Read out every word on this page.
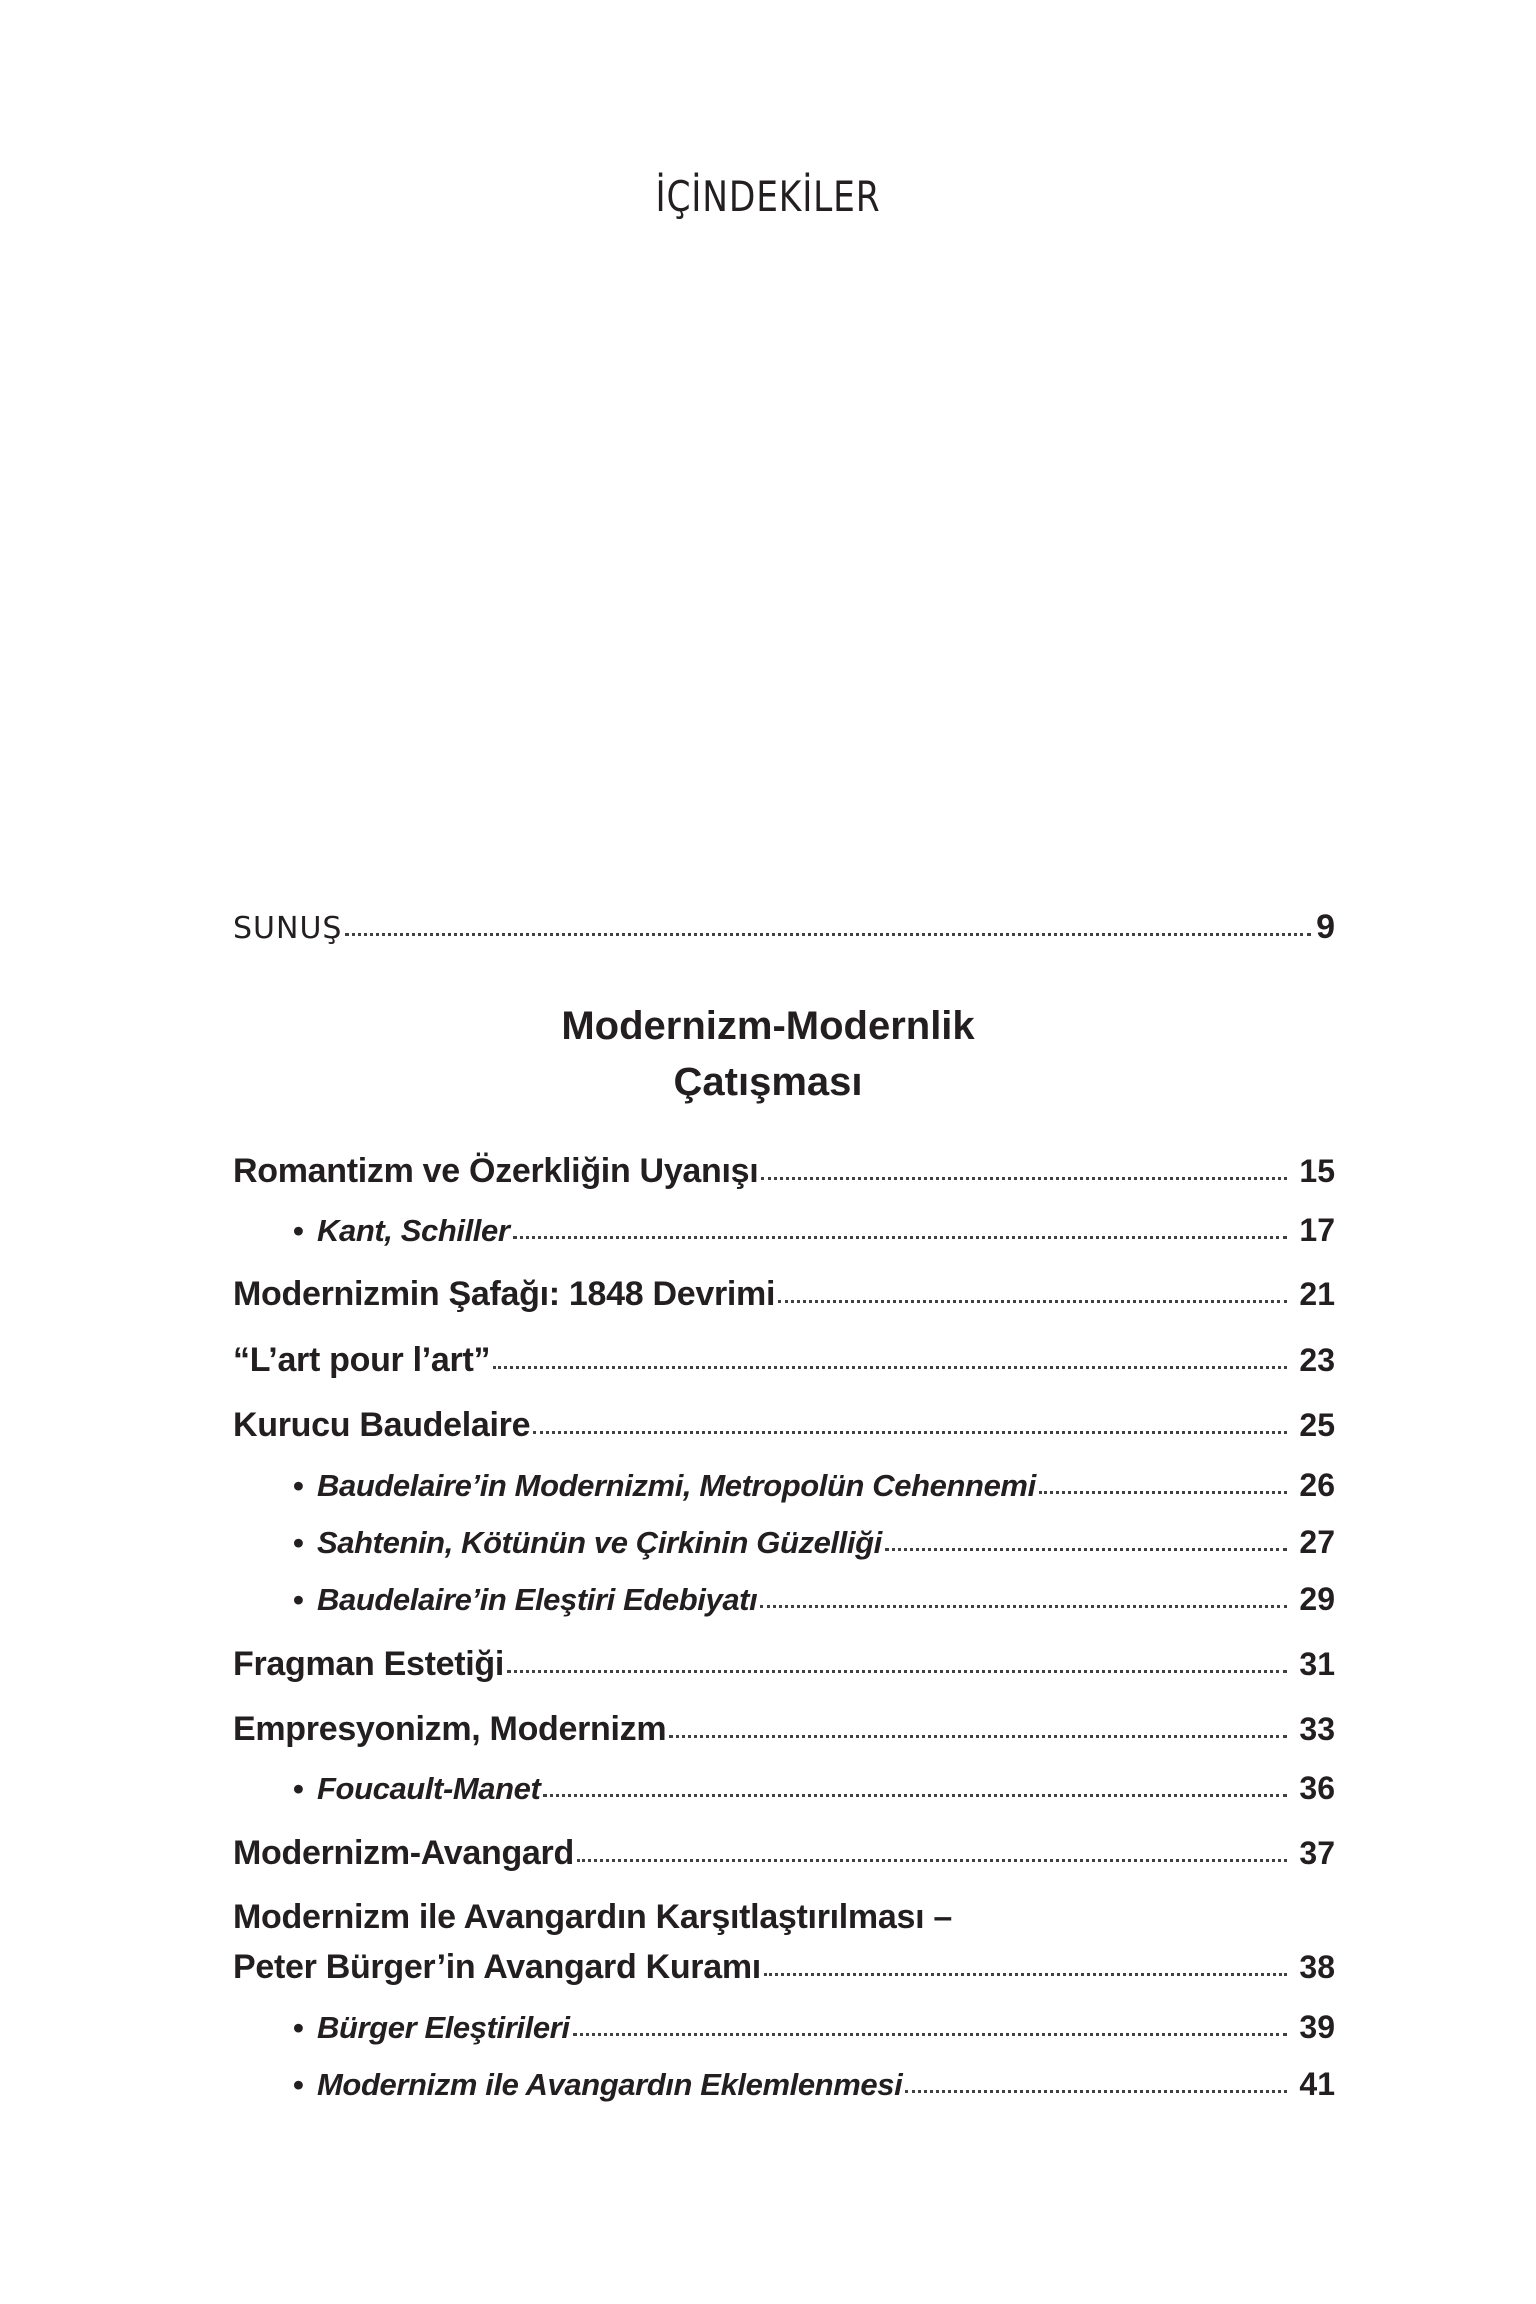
İÇİNDEKİLER
SUNUŞ	9
Modernizm-Modernlik
Çatışması
Romantizm ve Özerkliğin Uyanışı	15
• Kant, Schiller	17
Modernizmin Şafağı: 1848 Devrimi	21
“L’art pour l’art”	23
Kurucu Baudelaire	25
• Baudelaire’in Modernizmi, Metropolün Cehennemi	26
• Sahtenin, Kötünün ve Çirkinin Güzelliği	27
• Baudelaire’in Eleştiri Edebiyatı	29
Fragman Estetiği	31
Empresyonizm, Modernizm	33
• Foucault-Manet	36
Modernizm-Avangard	37
Modernizm ile Avangardın Karşıtlaştırılması –
Peter Bürger’in Avangard Kuramı	38
• Bürger Eleştirileri	39
• Modernizm ile Avangardın Eklemlenmesi	41
